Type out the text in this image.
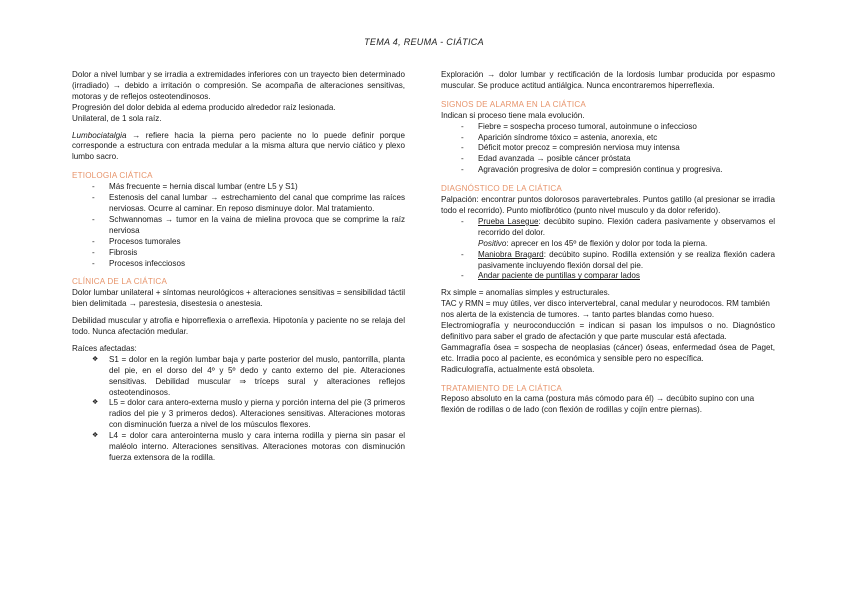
TEMA 4, REUMA - CIÁTICA

Dolor a nivel lumbar y se irradia a extremidades inferiores con un trayecto bien determinado (irradiado) → debido a irritación o compresión. Se acompaña de alteraciones sensitivas, motoras y de reflejos osteotendinosos.

Progresión del dolor debida al edema producido alrededor raíz lesionada.

Unilateral, de 1 sola raíz.

Lumbociatalgia → refiere hacia la pierna pero paciente no lo puede definir porque corresponde a estructura con entrada medular a la misma altura que nervio ciático y plexo lumbo sacro.

ETIOLOGIA CIÁTICA
- Más frecuente = hernia discal lumbar (entre L5 y S1)
- Estenosis del canal lumbar → estrechamiento del canal que comprime las raíces nerviosas. Ocurre al caminar. En reposo disminuye dolor. Mal tratamiento.
- Schwannomas → tumor en la vaina de mielina provoca que se comprime la raíz nerviosa
- Procesos tumorales
- Fibrosis
- Procesos infecciosos
CLÍNICA DE LA CIÁTICA

Dolor lumbar unilateral + síntomas neurológicos + alteraciones sensitivas = sensibilidad táctil bien delimitada → parestesia, disestesia o anestesia.

Debilidad muscular y atrofia e hiporreflexia o arreflexia. Hipotonía y paciente no se relaja del todo. Nunca afectación medular.

Raíces afectadas:

❖ S1 = dolor en la región lumbar baja y parte posterior del muslo, pantorrilla, planta del pie, en el dorso del 4º y 5º dedo y canto externo del pie. Alteraciones sensitivas. Debilidad muscular ⇒ tríceps sural y alteraciones reflejos osteotendinosos.
❖ L5 = dolor cara antero-externa muslo y pierna y porción interna del pie (3 primeros radios del pie y 3 primeros dedos). Alteraciones sensitivas. Alteraciones motoras con disminución fuerza a nivel de los músculos flexores.
❖ L4 = dolor cara anterointerna muslo y cara interna rodilla y pierna sin pasar el maléolo interno. Alteraciones sensitivas. Alteraciones motoras con disminución fuerza extensora de la rodilla.

Exploración → dolor lumbar y rectificación de la lordosis lumbar producida por espasmo muscular. Se produce actitud antiálgica. Nunca encontraremos hiperreflexia.

SIGNOS DE ALARMA EN LA CIÁTICA

Indican si proceso tiene mala evolución.

- Fiebre = sospecha proceso tumoral, autoinmune o infeccioso
- Aparición síndrome tóxico = astenia, anorexia, etc
- Déficit motor precoz = compresión nerviosa muy intensa
- Edad avanzada → posible cáncer próstata
- Agravación progresiva de dolor = compresión continua y progresiva.
DIAGNÓSTICO DE LA CIÁTICA

Palpación: encontrar puntos dolorosos paravertebrales. Puntos gatillo (al presionar se irradia todo el recorrido). Punto miofibrótico (punto nivel musculo y da dolor referido).

- Prueba Lasegue: decúbito supino. Flexión cadera pasivamente y observamos el recorrido del dolor.
Positivo: aprecer en los 45º de flexión y dolor por toda la pierna.
- Maniobra Bragard: decúbito supino. Rodilla extensión y se realiza flexión cadera pasivamente incluyendo flexión dorsal del pie.
- Andar paciente de puntillas y comparar lados

Rx simple = anomalías simples y estructurales.

TAC y RMN = muy útiles, ver disco intervertebral, canal medular y neurodocos. RM también nos alerta de la existencia de tumores. → tanto partes blandas como hueso.

Electromiografía y neuroconducción = indican si pasan los impulsos o no. Diagnóstico definitivo para saber el grado de afectación y que parte muscular está afectada.

Gammagrafía ósea = sospecha de neoplasias (cáncer) óseas, enfermedad ósea de Paget, etc. Irradia poco al paciente, es económica y sensible pero no específica.

Radiculografía, actualmente está obsoleta.

TRATAMIENTO DE LA CIÁTICA

Reposo absoluto en la cama (postura más cómodo para él) → decúbito supino con una flexión de rodillas o de lado (con flexión de rodillas y cojín entre piernas).
